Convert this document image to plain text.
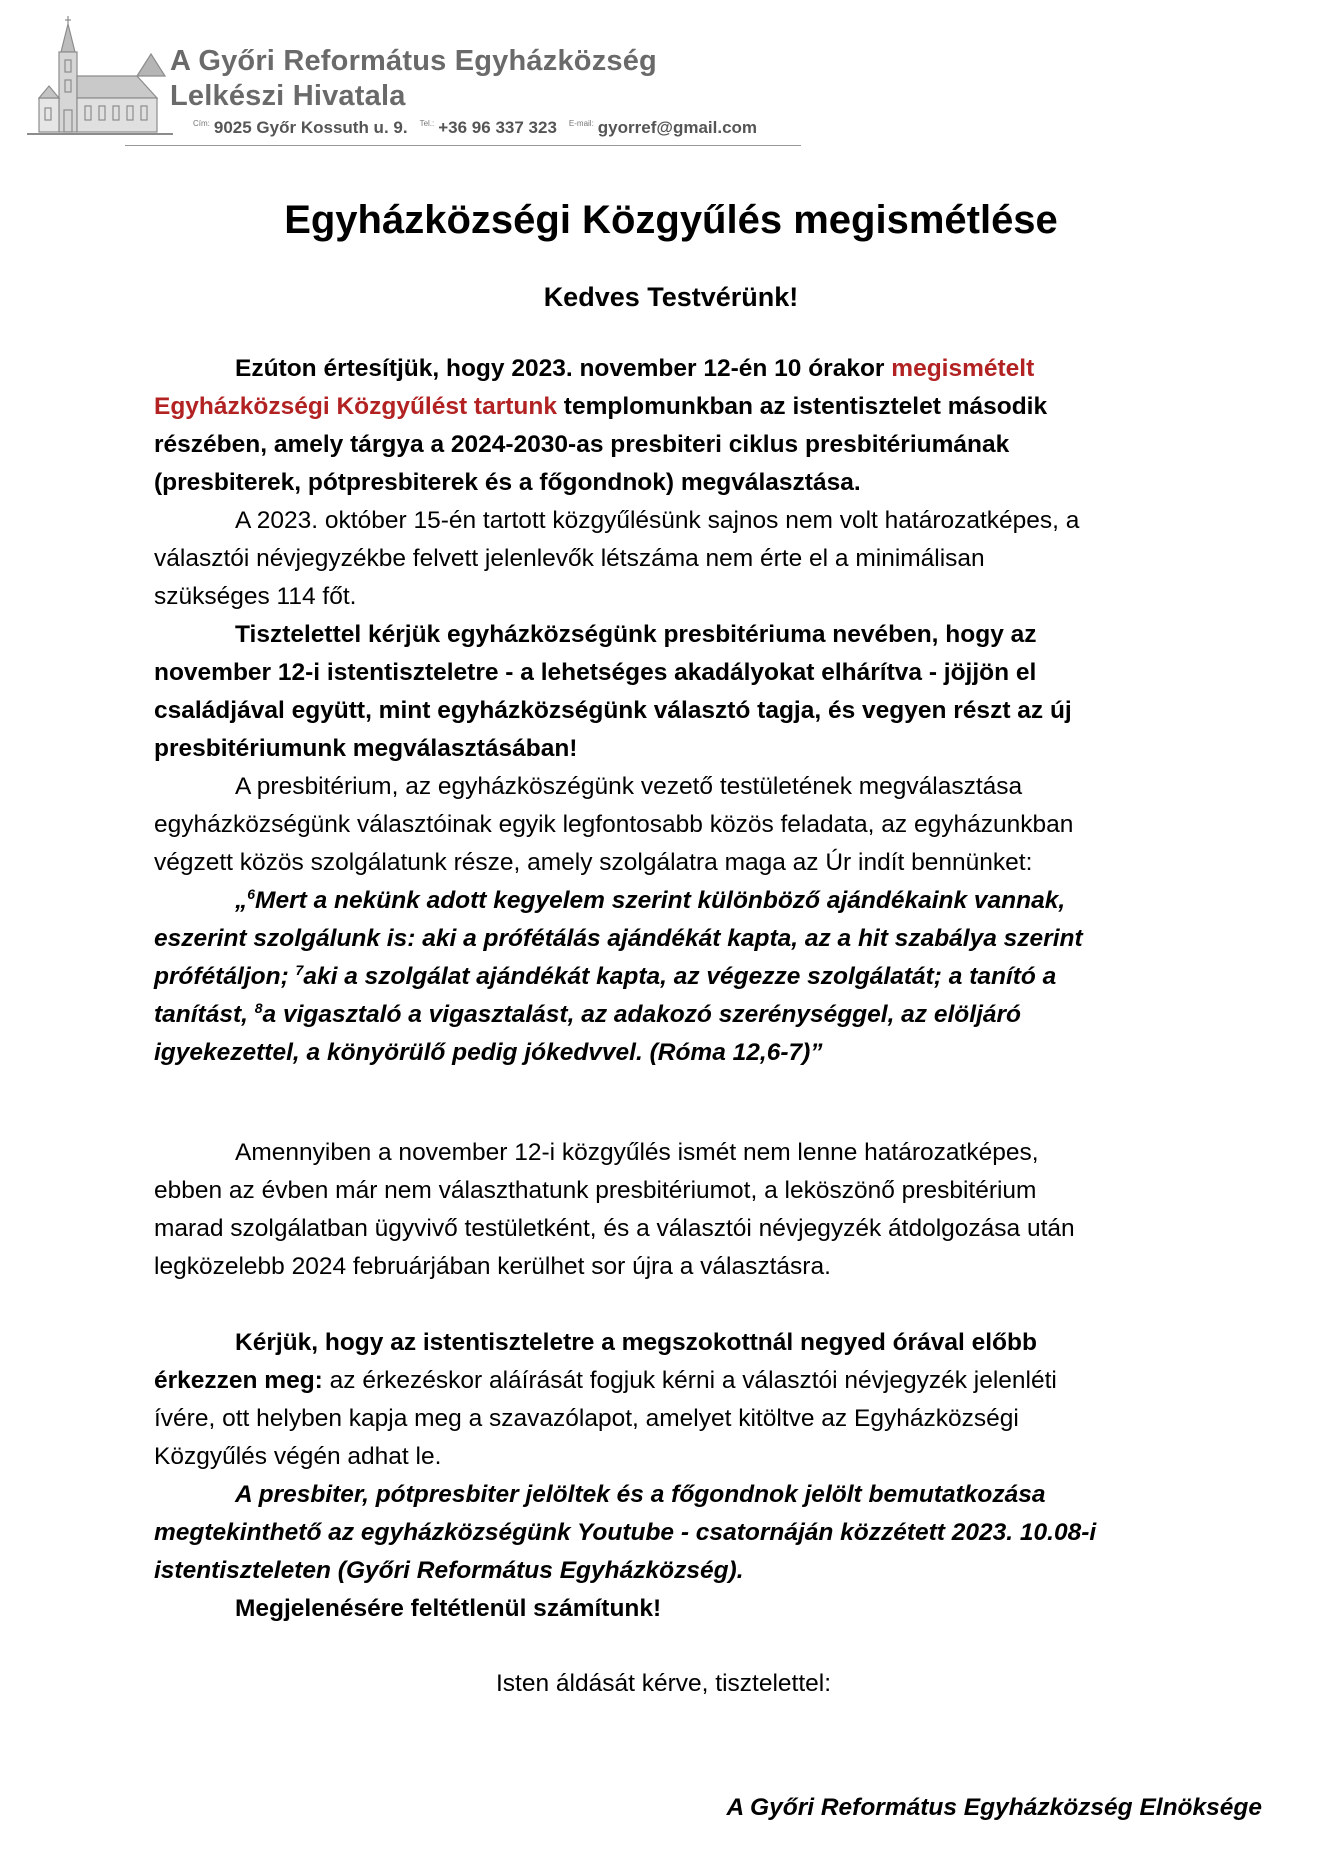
A Győri Református Egyházközség
Lelkészi Hivatala
$^{Cím:}$ 9025 Győr Kossuth u. 9. $^{Tel.:}$ +36 96 337 323 $^{E-mail:}$ gyorref@gmail.com
Egyházközségi Közgyűlés megismétlése
Kedves Testvérünk!
Ezúton értesítjük, hogy 2023. november 12-én 10 órakor megismételt
Egyházközségi Közgyűlést tartunk templomunkban az istentisztelet második
részében, amely tárgya a 2024-2030-as presbiteri ciklus presbitériumának
(presbiterek, pótpresbiterek és a főgondnok) megválasztása.
A 2023. október 15-én tartott közgyűlésünk sajnos nem volt határozatképes, a
választói névjegyzékbe felvett jelenlevők létszáma nem érte el a minimálisan
szükséges 114 főt.
Tisztelettel kérjük egyházközségünk presbitériuma nevében, hogy az
november 12-i istentiszteletre - a lehetséges akadályokat elhárítva - jöjjön el
családjával együtt, mint egyházközségünk választó tagja, és vegyen részt az új
presbitériumunk megválasztásában!
A presbitérium, az egyházköszégünk vezető testületének megválasztása
egyházközségünk választóinak egyik legfontosabb közös feladata, az egyházunkban
végzett közös szolgálatunk része, amely szolgálatra maga az Úr indít bennünket:
„$^6$Mert a nekünk adott kegyelem szerint különböző ajándékaink vannak,
eszerint szolgálunk is: aki a prófétálás ajándékát kapta, az a hit szabálya szerint
prófétáljon; $^7$aki a szolgálat ajándékát kapta, az végezze szolgálatát; a tanító a
tanítást, $^8$a vigasztaló a vigasztalást, az adakozó szerénységgel, az elöljáró
igyekezettel, a könyörülő pedig jókedvvel. (Róma 12,6-7)”
Amennyiben a november 12-i közgyűlés ismét nem lenne határozatképes,
ebben az évben már nem választhatunk presbitériumot, a leköszönő presbitérium
marad szolgálatban ügyvivő testületként, és a választói névjegyzék átdolgozása után
legközelebb 2024 februárjában kerülhet sor újra a választásra.
Kérjük, hogy az istentiszteletre a megszokottnál negyed órával előbb
érkezzen meg: az érkezéskor aláírását fogjuk kérni a választói névjegyzék jelenléti
ívére, ott helyben kapja meg a szavazólapot, amelyet kitöltve az Egyházközségi
Közgyűlés végén adhat le.
A presbiter, pótpresbiter jelöltek és a főgondnok jelölt bemutatkozása
megtekinthető az egyházközségünk Youtube - csatornáján közzétett 2023. 10.08-i
istentiszteleten (Győri Református Egyházközség).
Megjelenésére feltétlenül számítunk!
Isten áldását kérve, tisztelettel:
A Győri Református Egyházközség Elnöksége
